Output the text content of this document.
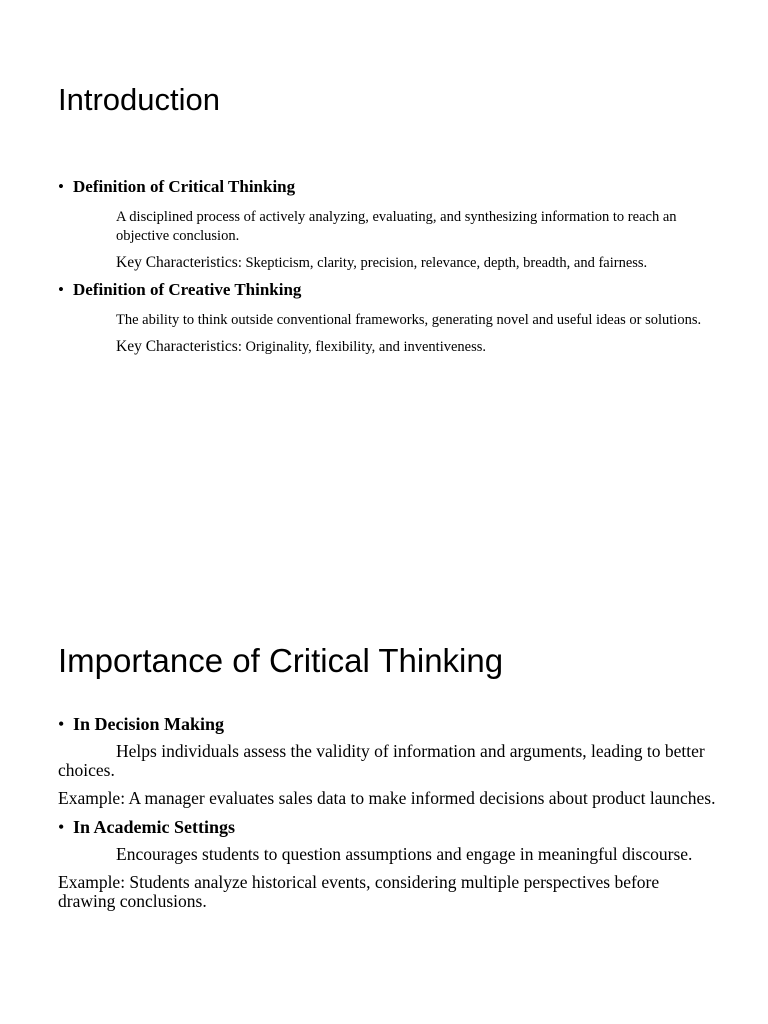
Introduction
• Definition of Critical Thinking
A disciplined process of actively analyzing, evaluating, and synthesizing information to reach an objective conclusion.
Key Characteristics: Skepticism, clarity, precision, relevance, depth, breadth, and fairness.
• Definition of Creative Thinking
The ability to think outside conventional frameworks, generating novel and useful ideas or solutions.
Key Characteristics: Originality, flexibility, and inventiveness.
Importance of Critical Thinking
• In Decision Making
Helps individuals assess the validity of information and arguments, leading to better choices.
Example: A manager evaluates sales data to make informed decisions about product launches.
• In Academic Settings
Encourages students to question assumptions and engage in meaningful discourse.
Example: Students analyze historical events, considering multiple perspectives before drawing conclusions.
